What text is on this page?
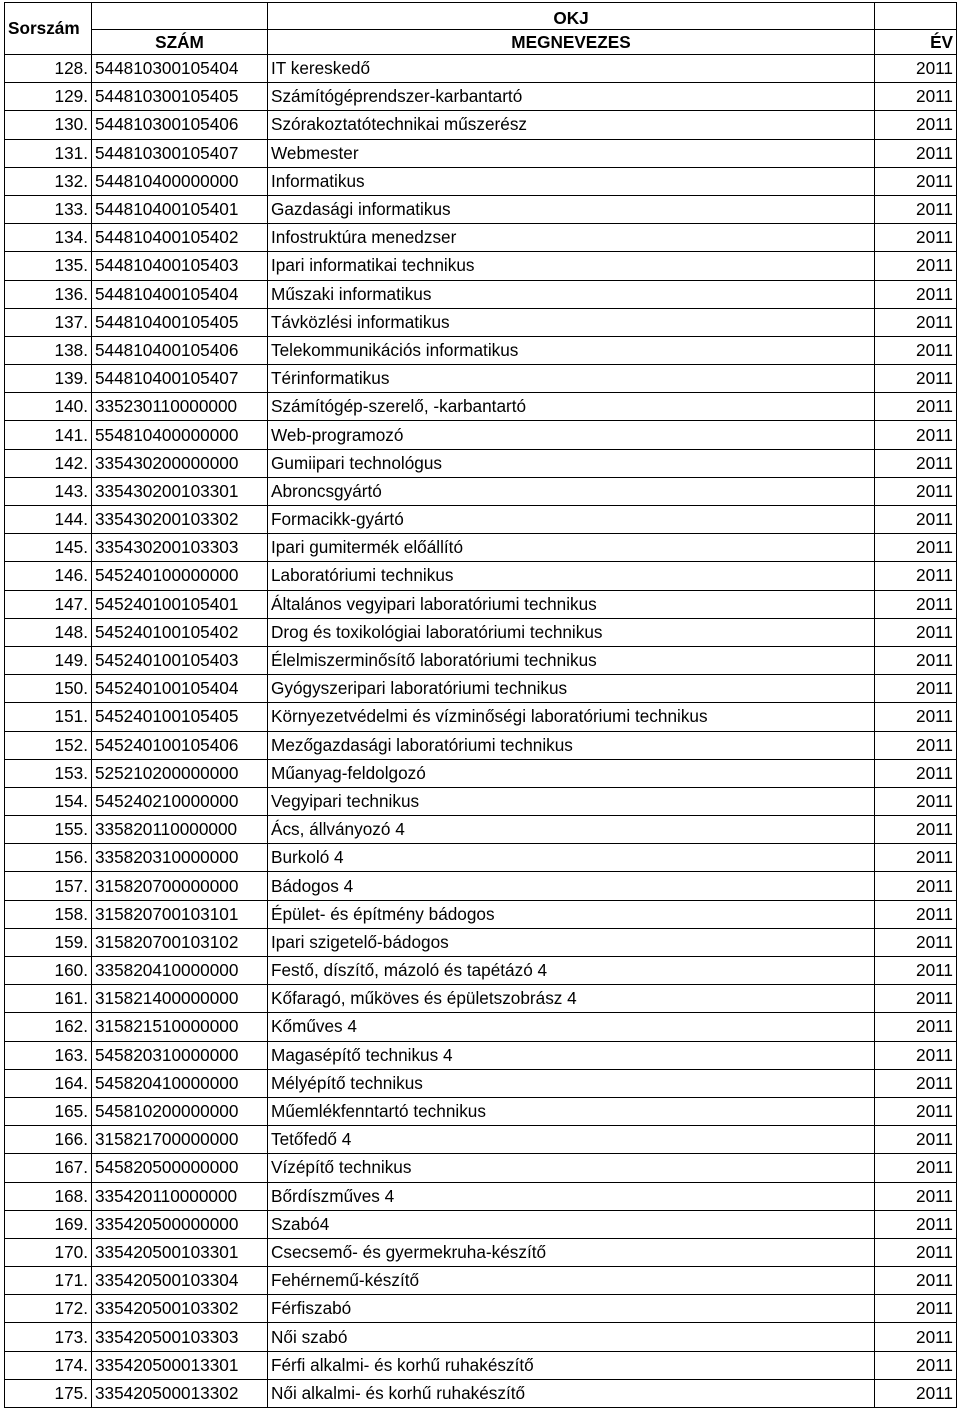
Sorszám		OKJ	
	SZÁM	MEGNEVEZES	ÉV
128.	544810300105404	IT kereskedő	2011
129.	544810300105405	Számítógéprendszer-karbantartó	2011
130.	544810300105406	Szórakoztatótechnikai műszerész	2011
131.	544810300105407	Webmester	2011
132.	544810400000000	Informatikus	2011
133.	544810400105401	Gazdasági informatikus	2011
134.	544810400105402	Infostruktúra menedzser	2011
135.	544810400105403	Ipari informatikai technikus	2011
136.	544810400105404	Műszaki informatikus	2011
137.	544810400105405	Távközlési informatikus	2011
138.	544810400105406	Telekommunikációs informatikus	2011
139.	544810400105407	Térinformatikus	2011
140.	335230110000000	Számítógép-szerelő, -karbantartó	2011
141.	554810400000000	Web-programozó	2011
142.	335430200000000	Gumiipari technológus	2011
143.	335430200103301	Abroncsgyártó	2011
144.	335430200103302	Formacikk-gyártó	2011
145.	335430200103303	Ipari gumitermék előállító	2011
146.	545240100000000	Laboratóriumi technikus	2011
147.	545240100105401	Általános vegyipari laboratóriumi technikus	2011
148.	545240100105402	Drog és toxikológiai laboratóriumi technikus	2011
149.	545240100105403	Élelmiszerminősítő laboratóriumi technikus	2011
150.	545240100105404	Gyógyszeripari laboratóriumi technikus	2011
151.	545240100105405	Környezetvédelmi és vízminőségi laboratóriumi technikus	2011
152.	545240100105406	Mezőgazdasági laboratóriumi technikus	2011
153.	525210200000000	Műanyag-feldolgozó	2011
154.	545240210000000	Vegyipari technikus	2011
155.	335820110000000	Ács, állványozó 4	2011
156.	335820310000000	Burkoló 4	2011
157.	315820700000000	Bádogos 4	2011
158.	315820700103101	Épület- és építmény bádogos	2011
159.	315820700103102	Ipari szigetelő-bádogos	2011
160.	335820410000000	Festő, díszítő, mázoló és tapétázó 4	2011
161.	315821400000000	Kőfaragó, műköves és épületszobrász 4	2011
162.	315821510000000	Kőműves 4	2011
163.	545820310000000	Magasépítő technikus 4	2011
164.	545820410000000	Mélyépítő technikus	2011
165.	545810200000000	Műemlékfenntartó technikus	2011
166.	315821700000000	Tetőfedő 4	2011
167.	545820500000000	Vízépítő technikus	2011
168.	335420110000000	Bőrdíszműves 4	2011
169.	335420500000000	Szabó4	2011
170.	335420500103301	Csecsemő- és gyermekruha-készítő	2011
171.	335420500103304	Fehérnemű-készítő	2011
172.	335420500103302	Férfiszabó	2011
173.	335420500103303	Női szabó	2011
174.	335420500013301	Férfi alkalmi- és korhű ruhakészítő	2011
175.	335420500013302	Női alkalmi- és korhű ruhakészítő	2011
